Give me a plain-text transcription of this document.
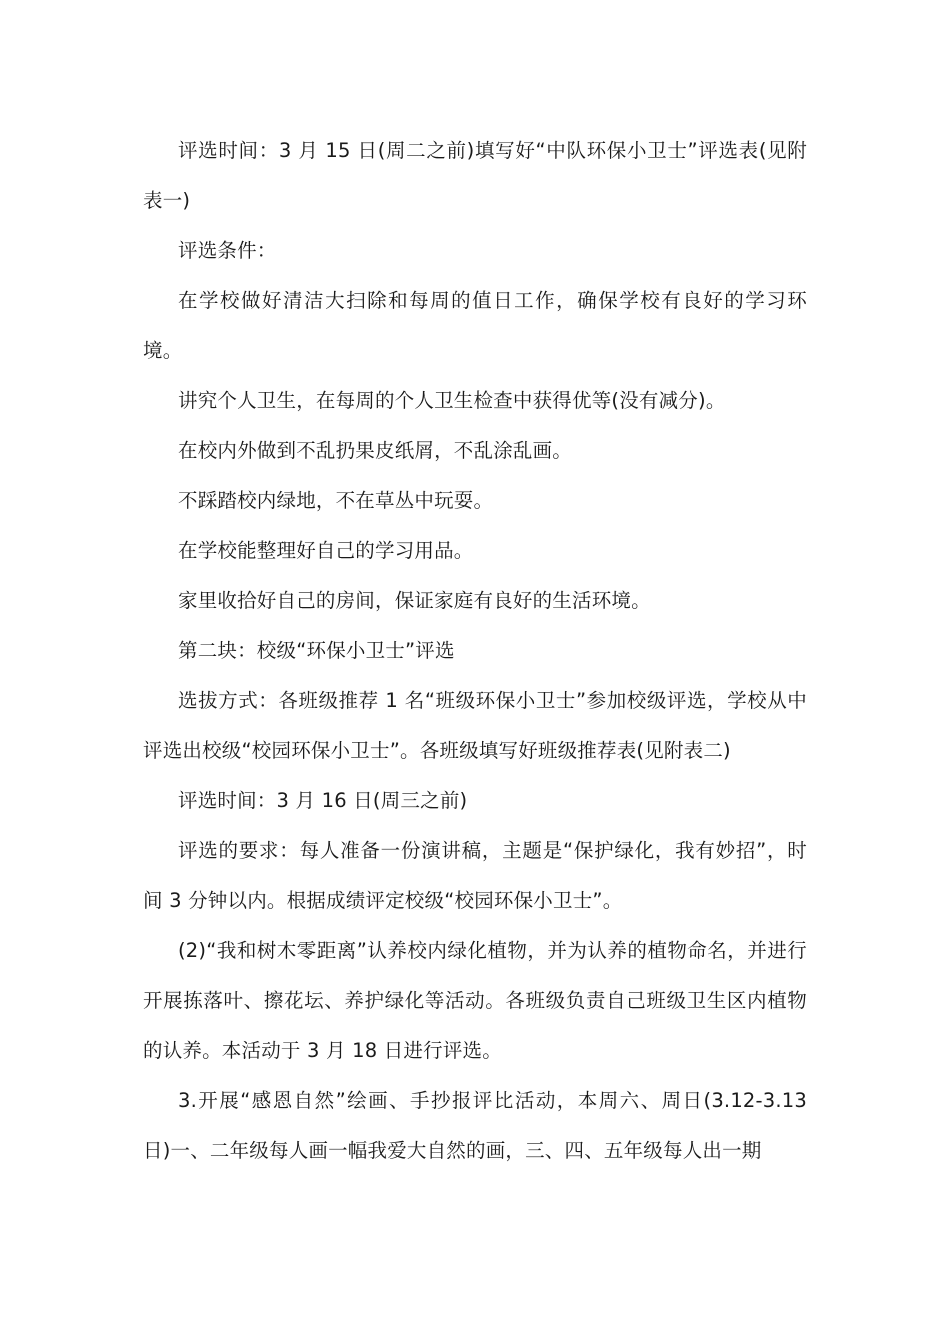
评选时间：3 月 15 日(周二之前)填写好“中队环保小卫士”评选表(见附表一)

评选条件：

在学校做好清洁大扫除和每周的值日工作，确保学校有良好的学习环境。

讲究个人卫生，在每周的个人卫生检查中获得优等(没有减分)。

在校内外做到不乱扔果皮纸屑，不乱涂乱画。

不踩踏校内绿地，不在草丛中玩耍。

在学校能整理好自己的学习用品。

家里收拾好自己的房间，保证家庭有良好的生活环境。

第二块：校级“环保小卫士”评选

选拔方式：各班级推荐 1 名“班级环保小卫士”参加校级评选，学校从中评选出校级“校园环保小卫士”。各班级填写好班级推荐表(见附表二)

评选时间：3 月 16 日(周三之前)

评选的要求：每人准备一份演讲稿，主题是“保护绿化，我有妙招”，时间 3 分钟以内。根据成绩评定校级“校园环保小卫士”。

(2)“我和树木零距离”认养校内绿化植物，并为认养的植物命名，并进行开展拣落叶、擦花坛、养护绿化等活动。各班级负责自己班级卫生区内植物的认养。本活动于 3 月 18 日进行评选。

3.开展“感恩自然”绘画、手抄报评比活动，本周六、周日(3.12-3.13 日)一、二年级每人画一幅我爱大自然的画，三、四、五年级每人出一期
